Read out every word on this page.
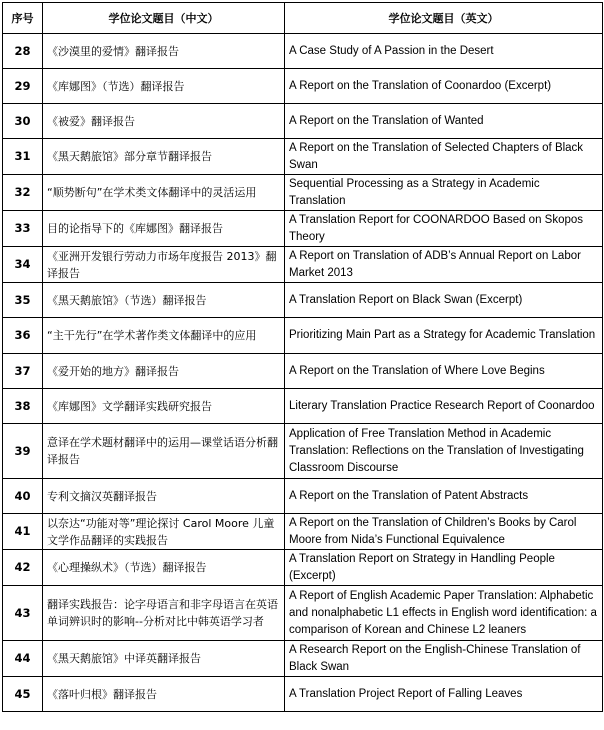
序号	学位论文题目（中文）	学位论文题目（英文）
28	《沙漠里的爱情》翻译报告	A Case Study of A Passion in the Desert
29	《库娜图》（节选）翻译报告	A Report on the Translation of Coonardoo (Excerpt)
30	《被爱》翻译报告	A Report on the Translation of Wanted
31	《黑天鹅旅馆》部分章节翻译报告	A Report on the Translation of Selected Chapters of Black Swan
32	“顺势断句”在学术类文体翻译中的灵活运用	Sequential Processing as a Strategy in Academic Translation
33	目的论指导下的《库娜图》翻译报告	A Translation Report for COONARDOO Based on Skopos Theory
34	《亚洲开发银行劳动力市场年度报告 2013》翻译报告	A Report on Translation of ADB’s Annual Report on Labor Market 2013
35	《黑天鹅旅馆》（节选）翻译报告	A Translation Report on Black Swan (Excerpt)
36	“主干先行”在学术著作类文体翻译中的应用	Prioritizing Main Part as a Strategy for Academic Translation
37	《爱开始的地方》翻译报告	A Report on the Translation of Where Love Begins
38	《库娜图》文学翻译实践研究报告	Literary Translation Practice Research Report of Coonardoo
39	意译在学术题材翻译中的运用—课堂话语分析翻译报告	Application of Free Translation Method in Academic Translation: Reflections on the Translation of Investigating Classroom Discourse
40	专利文摘汉英翻译报告	A Report on the Translation of Patent Abstracts
41	以奈达“功能对等”理论探讨 Carol Moore 儿童文学作品翻译的实践报告	A Report on the Translation of Children’s Books by Carol Moore from Nida’s Functional Equivalence
42	《心理操纵术》（节选）翻译报告	A Translation Report on Strategy in Handling People (Excerpt)
43	翻译实践报告：论字母语言和非字母语言在英语单词辨识时的影响--分析对比中韩英语学习者	A Report of English Academic Paper Translation: Alphabetic and nonalphabetic L1 effects in English word identification: a comparison of Korean and Chinese L2 leaners
44	《黑天鹅旅馆》中译英翻译报告	A Research Report on the English-Chinese Translation of Black Swan
45	《落叶归根》翻译报告	A Translation Project Report of Falling Leaves
